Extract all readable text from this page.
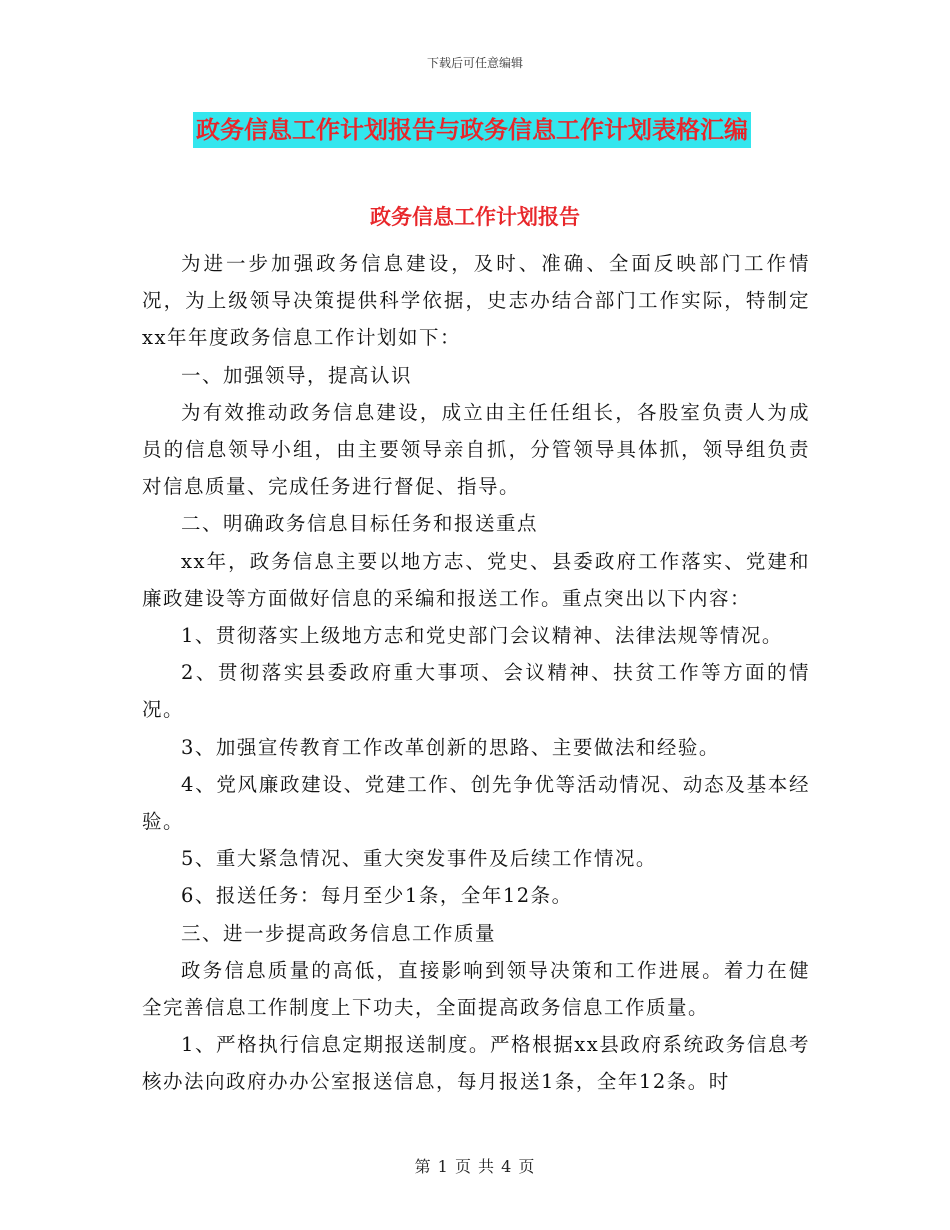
下载后可任意编辑
政务信息工作计划报告与政务信息工作计划表格汇编
政务信息工作计划报告

为进一步加强政务信息建设，及时、准确、全面反映部门工作情况，为上级领导决策提供科学依据，史志办结合部门工作实际，特制定xx年年度政务信息工作计划如下：

一、加强领导，提高认识

为有效推动政务信息建设，成立由主任任组长，各股室负责人为成员的信息领导小组，由主要领导亲自抓，分管领导具体抓，领导组负责对信息质量、完成任务进行督促、指导。

二、明确政务信息目标任务和报送重点

xx年，政务信息主要以地方志、党史、县委政府工作落实、党建和廉政建设等方面做好信息的采编和报送工作。重点突出以下内容：

1、贯彻落实上级地方志和党史部门会议精神、法律法规等情况。

2、贯彻落实县委政府重大事项、会议精神、扶贫工作等方面的情况。

3、加强宣传教育工作改革创新的思路、主要做法和经验。

4、党风廉政建设、党建工作、创先争优等活动情况、动态及基本经验。

5、重大紧急情况、重大突发事件及后续工作情况。

6、报送任务：每月至少1条，全年12条。

三、进一步提高政务信息工作质量

政务信息质量的高低，直接影响到领导决策和工作进展。着力在健全完善信息工作制度上下功夫，全面提高政务信息工作质量。

1、严格执行信息定期报送制度。严格根据xx县政府系统政务信息考核办法向政府办办公室报送信息，每月报送1条，全年12条。时

第 1 页 共 4 页
